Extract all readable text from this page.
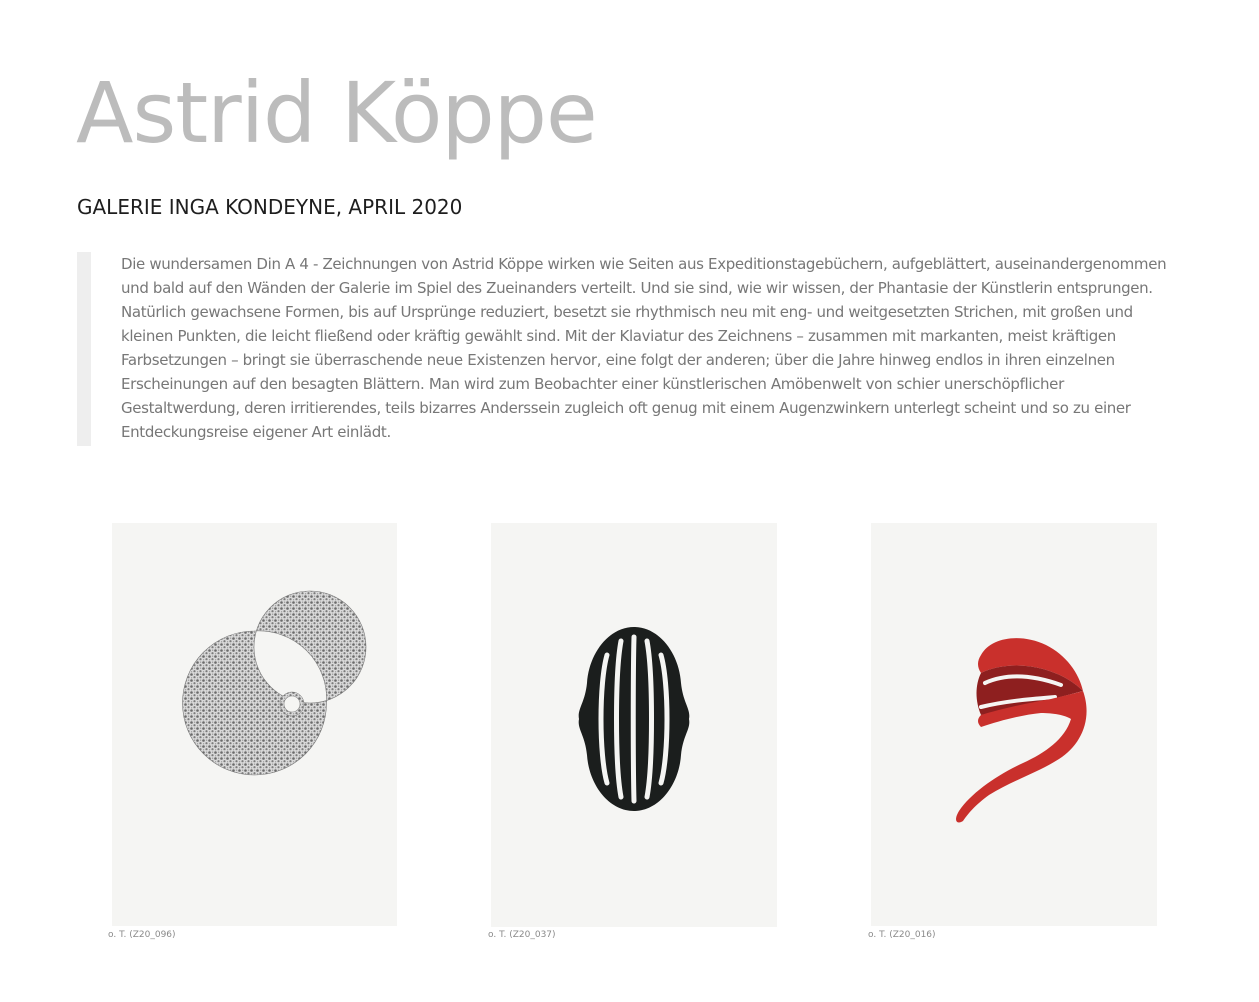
Astrid Köppe
GALERIE INGA KONDEYNE, APRIL 2020

Die wundersamen Din A 4 - Zeichnungen von Astrid Köppe wirken wie Seiten aus Expeditionstagebüchern, aufgeblättert, auseinandergenommen und bald auf den Wänden der Galerie im Spiel des Zueinanders verteilt. Und sie sind, wie wir wissen, der Phantasie der Künstlerin entsprungen. Natürlich gewachsene Formen, bis auf Ursprünge reduziert, besetzt sie rhythmisch neu mit eng- und weitgesetzten Strichen, mit großen und kleinen Punkten, die leicht fließend oder kräftig gewählt sind. Mit der Klaviatur des Zeichnens – zusammen mit markanten, meist kräftigen Farbsetzungen – bringt sie überraschende neue Existenzen hervor, eine folgt der anderen; über die Jahre hinweg endlos in ihren einzelnen Erscheinungen auf den besagten Blättern. Man wird zum Beobachter einer künstlerischen Amöbenwelt von schier unerschöpflicher Gestaltwerdung, deren irritierendes, teils bizarres Anderssein zugleich oft genug mit einem Augenzwinkern unterlegt scheint und so zu einer Entdeckungsreise eigener Art einlädt.

o. T. (Z20_096)	o. T. (Z20_037)	o. T. (Z20_016)
